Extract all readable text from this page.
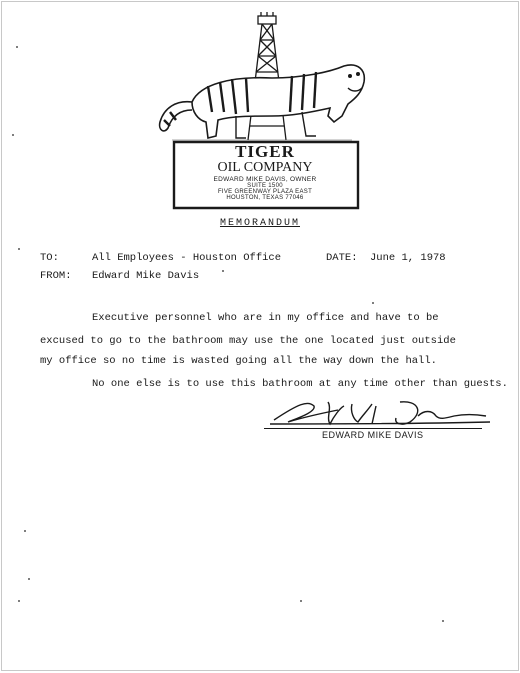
TIGER
OIL COMPANY
EDWARD MIKE DAVIS, OWNER
SUITE 1500
FIVE GREENWAY PLAZA EAST
HOUSTON, TEXAS 77046
MEMORANDUM
TO:	All Employees - Houston Office	DATE: June 1, 1978
FROM: Edward Mike Davis
Executive personnel who are in my office and have to be
excused to go to the bathroom may use the one located just outside
my office so no time is wasted going all the way down the hall.
No one else is to use this bathroom at any time other than guests.
EDWARD MIKE DAVIS
